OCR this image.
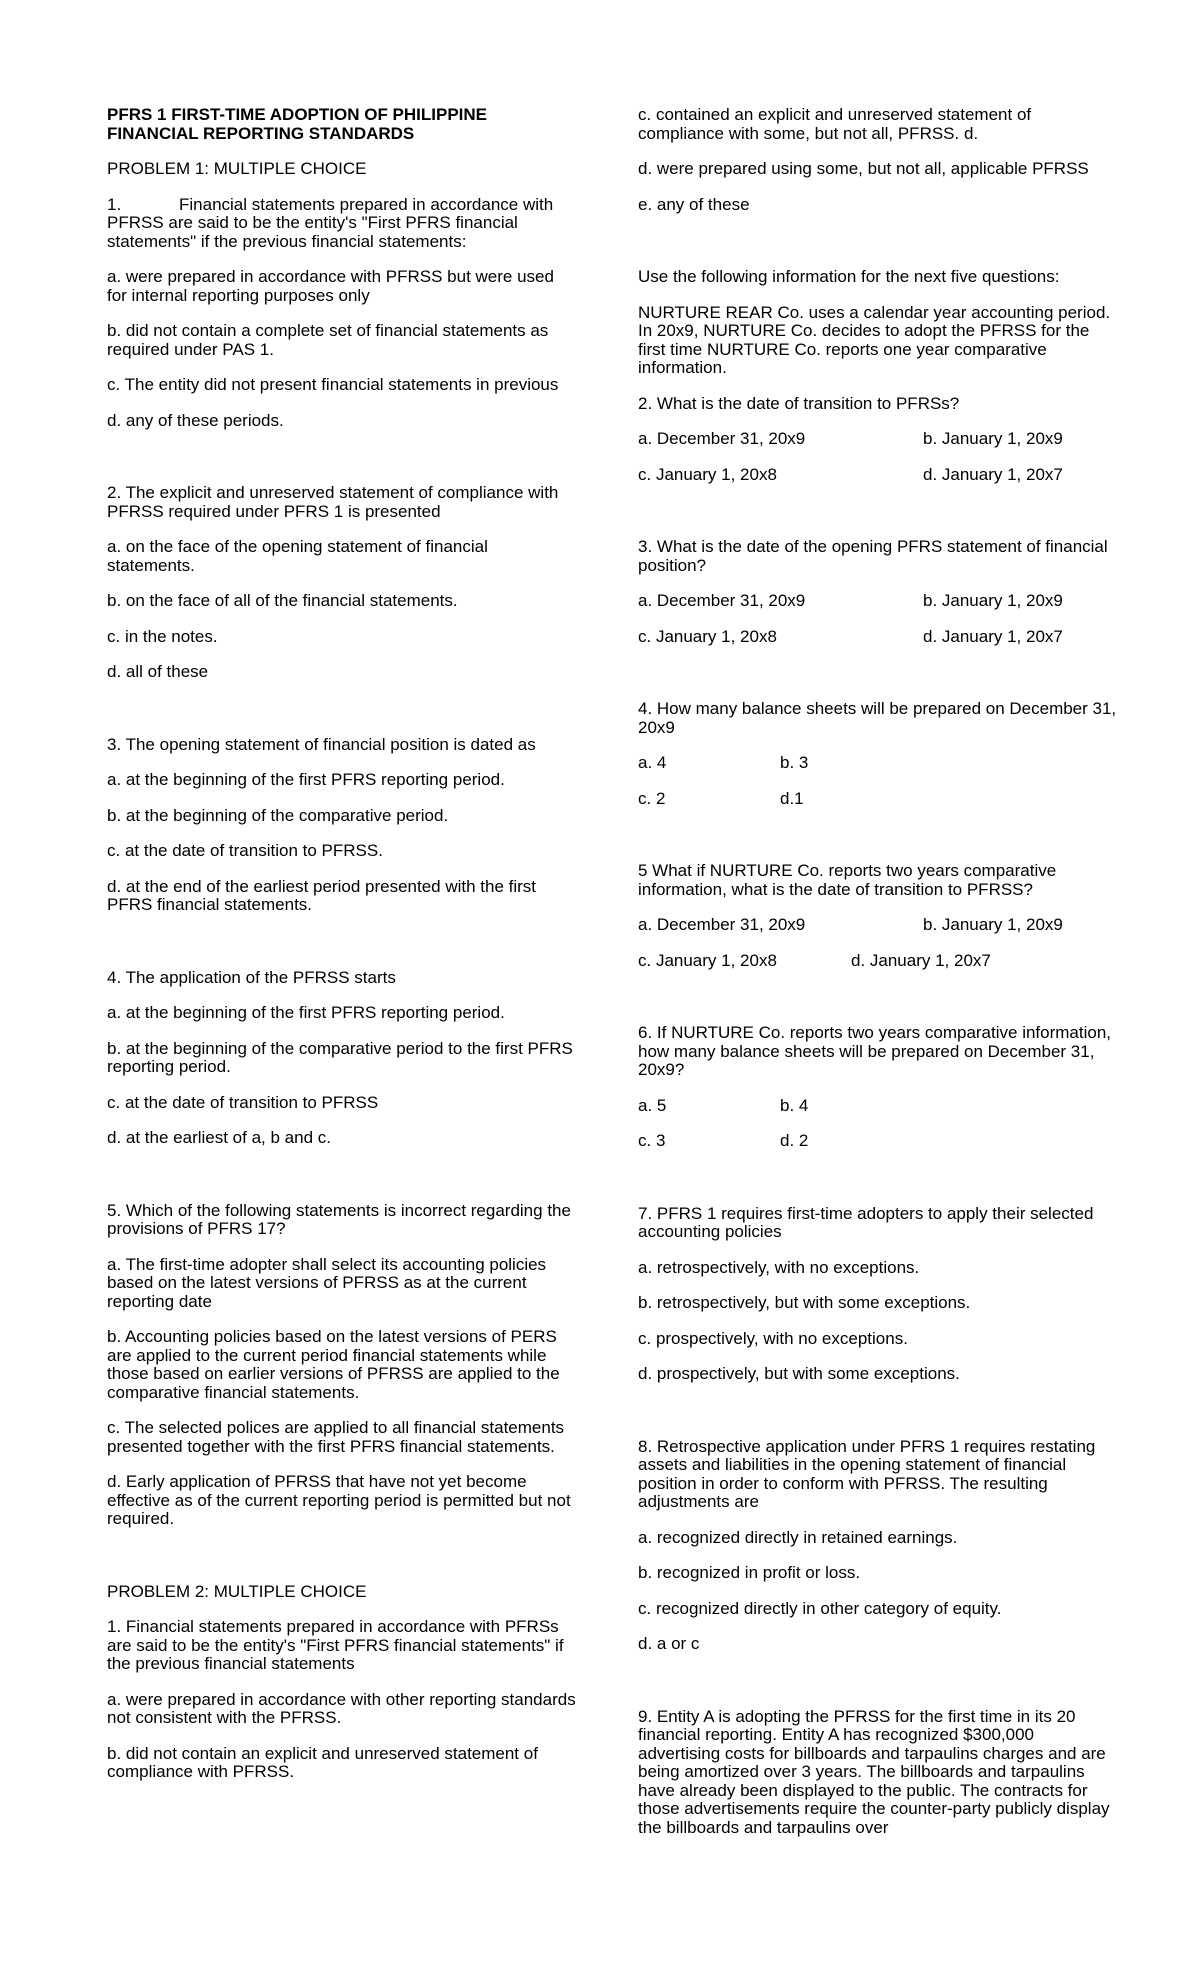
PFRS 1 FIRST-TIME ADOPTION OF PHILIPPINE FINANCIAL REPORTING STANDARDS

PROBLEM 1: MULTIPLE CHOICE

1.	Financial statements prepared in accordance with PFRSS are said to be the entity's "First PFRS financial statements" if the previous financial statements:

a. were prepared in accordance with PFRSS but were used for internal reporting purposes only

b. did not contain a complete set of financial statements as required under PAS 1.

c. The entity did not present financial statements in previous

d. any of these periods.

2. The explicit and unreserved statement of compliance with PFRSS required under PFRS 1 is presented

a. on the face of the opening statement of financial statements.

b. on the face of all of the financial statements.

c. in the notes.

d. all of these

3. The opening statement of financial position is dated as

a. at the beginning of the first PFRS reporting period.

b. at the beginning of the comparative period.

c. at the date of transition to PFRSS.

d. at the end of the earliest period presented with the first PFRS financial statements.

4. The application of the PFRSS starts

a. at the beginning of the first PFRS reporting period.

b. at the beginning of the comparative period to the first PFRS reporting period.

c. at the date of transition to PFRSS

d. at the earliest of a, b and c.

5. Which of the following statements is incorrect regarding the provisions of PFRS 17?

a. The first-time adopter shall select its accounting policies based on the latest versions of PFRSS as at the current reporting date

b. Accounting policies based on the latest versions of PERS are applied to the current period financial statements while those based on earlier versions of PFRSS are applied to the comparative financial statements.

c. The selected polices are applied to all financial statements presented together with the first PFRS financial statements.

d. Early application of PFRSS that have not yet become effective as of the current reporting period is permitted but not required.

PROBLEM 2: MULTIPLE CHOICE

1. Financial statements prepared in accordance with PFRSs are said to be the entity's "First PFRS financial statements" if the previous financial statements

a. were prepared in accordance with other reporting standards not consistent with the PFRSS.

b. did not contain an explicit and unreserved statement of compliance with PFRSS.

c. contained an explicit and unreserved statement of compliance with some, but not all, PFRSS. d.

d. were prepared using some, but not all, applicable PFRSS

e. any of these

Use the following information for the next five questions:

NURTURE REAR Co. uses a calendar year accounting period. In 20x9, NURTURE Co. decides to adopt the PFRSS for the first time NURTURE Co. reports one year comparative information.

2. What is the date of transition to PFRSs?

a. December 31, 20x9	b. January 1, 20x9
c. January 1, 20x8	d. January 1, 20x7

3. What is the date of the opening PFRS statement of financial position?

a. December 31, 20x9	b. January 1, 20x9
c. January 1, 20x8	d. January 1, 20x7

4. How many balance sheets will be prepared on December 31, 20x9

a. 4	b. 3
c. 2	d.1

5 What if NURTURE Co. reports two years comparative information, what is the date of transition to PFRSS?

a. December 31, 20x9	b. January 1, 20x9
c. January 1, 20x8	d. January 1, 20x7

6. If NURTURE Co. reports two years comparative information, how many balance sheets will be prepared on December 31, 20x9?

a. 5	b. 4
c. 3	d. 2

7. PFRS 1 requires first-time adopters to apply their selected accounting policies

a. retrospectively, with no exceptions.

b. retrospectively, but with some exceptions.

c. prospectively, with no exceptions.

d. prospectively, but with some exceptions.

8. Retrospective application under PFRS 1 requires restating assets and liabilities in the opening statement of financial position in order to conform with PFRSS. The resulting adjustments are

a. recognized directly in retained earnings.

b. recognized in profit or loss.

c. recognized directly in other category of equity.

d. a or c

9. Entity A is adopting the PFRSS for the first time in its 20 financial reporting. Entity A has recognized $300,000 advertising costs for billboards and tarpaulins charges and are being amortized over 3 years. The billboards and tarpaulins have already been displayed to the public. The contracts for those advertisements require the counter-party publicly display the billboards and tarpaulins over
